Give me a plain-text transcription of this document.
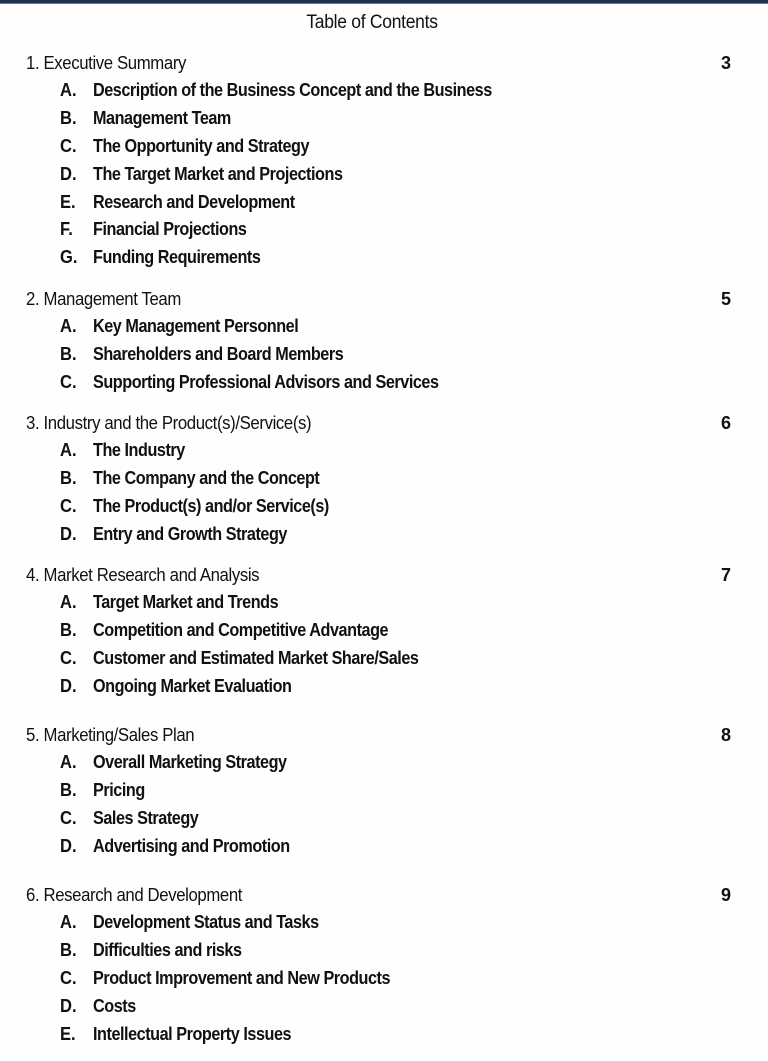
Table of Contents
1. Executive Summary	3
A. Description of the Business Concept and the Business
B. Management Team
C. The Opportunity and Strategy
D. The Target Market and Projections
E. Research and Development
F. Financial Projections
G. Funding Requirements
2. Management Team	5
A. Key Management Personnel
B. Shareholders and Board Members
C. Supporting Professional Advisors and Services
3. Industry and the Product(s)/Service(s)	6
A. The Industry
B. The Company and the Concept
C. The Product(s) and/or Service(s)
D. Entry and Growth Strategy
4. Market Research and Analysis	7
A. Target Market and Trends
B. Competition and Competitive Advantage
C. Customer and Estimated Market Share/Sales
D. Ongoing Market Evaluation
5. Marketing/Sales Plan	8
A. Overall Marketing Strategy
B. Pricing
C. Sales Strategy
D. Advertising and Promotion
6. Research and Development	9
A. Development Status and Tasks
B. Difficulties and risks
C. Product Improvement and New Products
D. Costs
E. Intellectual Property Issues
